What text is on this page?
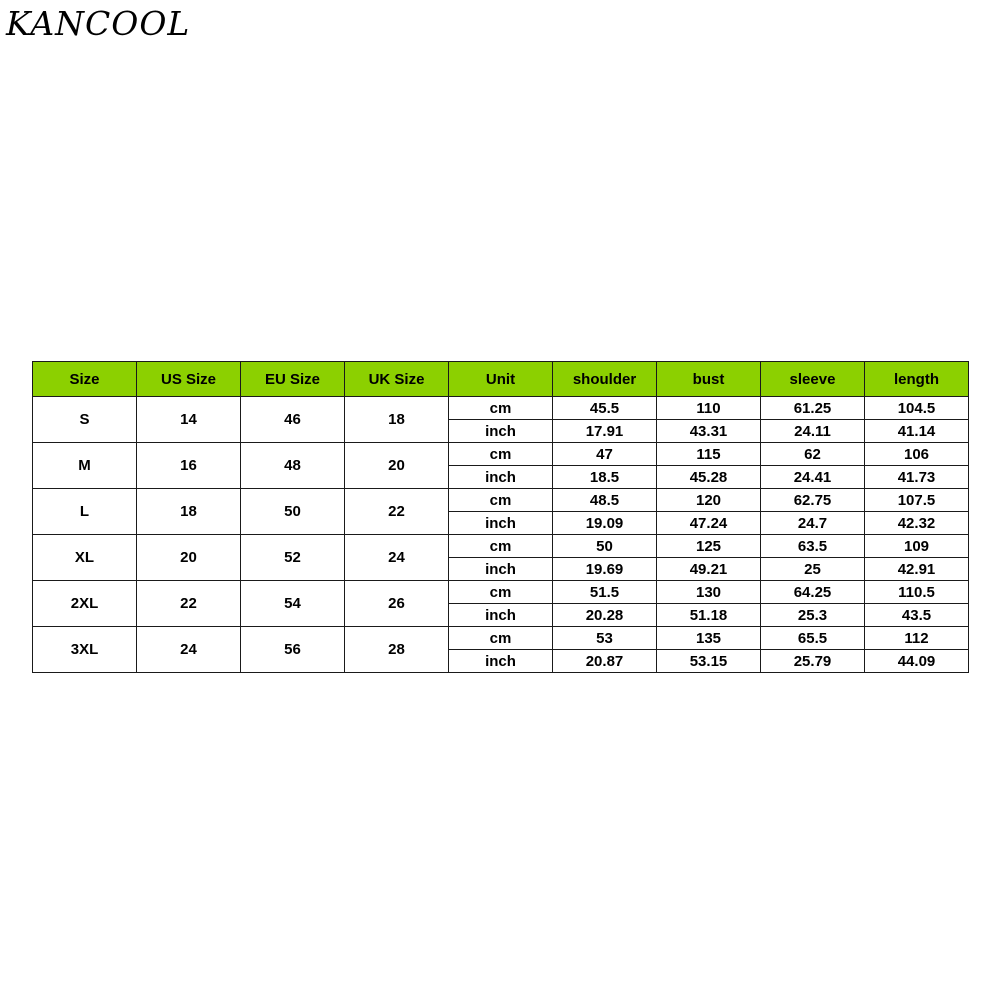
KANCOOL
Size	US Size	EU Size	UK Size	Unit	shoulder	bust	sleeve	length
S	14	46	18	cm	45.5	110	61.25	104.5
				inch	17.91	43.31	24.11	41.14
M	16	48	20	cm	47	115	62	106
				inch	18.5	45.28	24.41	41.73
L	18	50	22	cm	48.5	120	62.75	107.5
				inch	19.09	47.24	24.7	42.32
XL	20	52	24	cm	50	125	63.5	109
				inch	19.69	49.21	25	42.91
2XL	22	54	26	cm	51.5	130	64.25	110.5
				inch	20.28	51.18	25.3	43.5
3XL	24	56	28	cm	53	135	65.5	112
				inch	20.87	53.15	25.79	44.09
